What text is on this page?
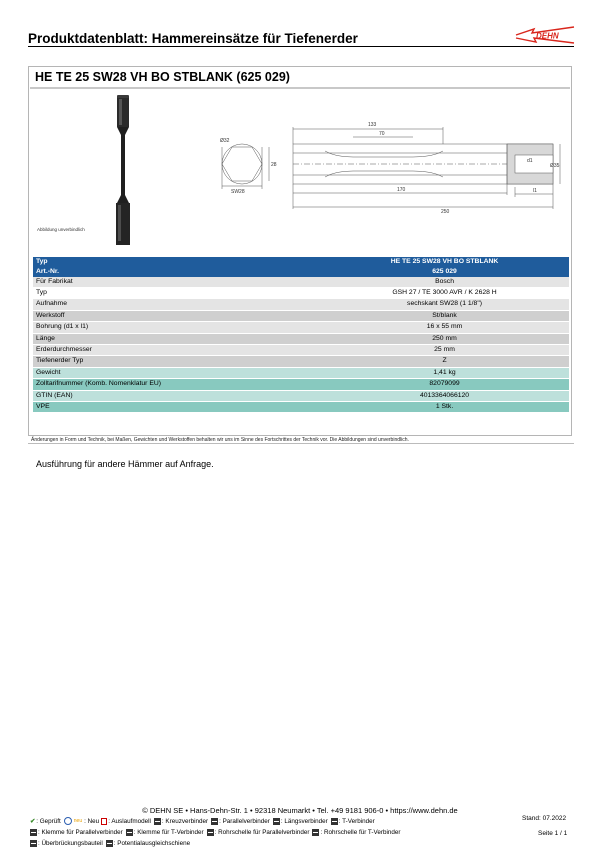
Produktdatenblatt: Hammereinsätze für Tiefenerder	DEHN
HE TE 25 SW28 VH BO STBLANK (625 029)
Abbildung unverbindlich
133
70
170
250
Ø32
SW28
28
d1
l1
Ø35
Typ	HE TE 25 SW28 VH BO STBLANK
Art.-Nr.	625 029
Für Fabrikat	Bosch
Typ	GSH 27 / TE 3000 AVR / K 2628 H
Aufnahme	sechskant SW28 (1 1/8")
Werkstoff	St/blank
Bohrung (d1 x l1)	16 x 55 mm
Länge	250 mm
Erderdurchmesser	25 mm
Tiefenerder Typ	Z
Gewicht	1,41 kg
Zolltarifnummer (Komb. Nomenklatur EU)	82079099
GTIN (EAN)	4013364066120
VPE	1 Stk.
Änderungen in Form und Technik, bei Maßen, Gewichten und Werkstoffen behalten wir uns im Sinne des Fortschrittes der Technik vor. Die Abbildungen sind unverbindlich.
Ausführung für andere Hämmer auf Anfrage.
© DEHN SE • Hans-Dehn-Str. 1 • 92318 Neumarkt • Tel. +49 9181 906-0 • https://www.dehn.de
Stand: 07.2022
Seite 1 / 1
✔ : Geprüft	neu : Neu : Auslaufmodell : Kreuzverbinder : Parallelverbinder : Längsverbinder : T-Verbinder
: Klemme für Parallelverbinder : Klemme für T-Verbinder : Rohrschelle für Parallelverbinder : Rohrschelle für T-Verbinder
: Überbrückungsbauteil : Potentialausgleichschiene
